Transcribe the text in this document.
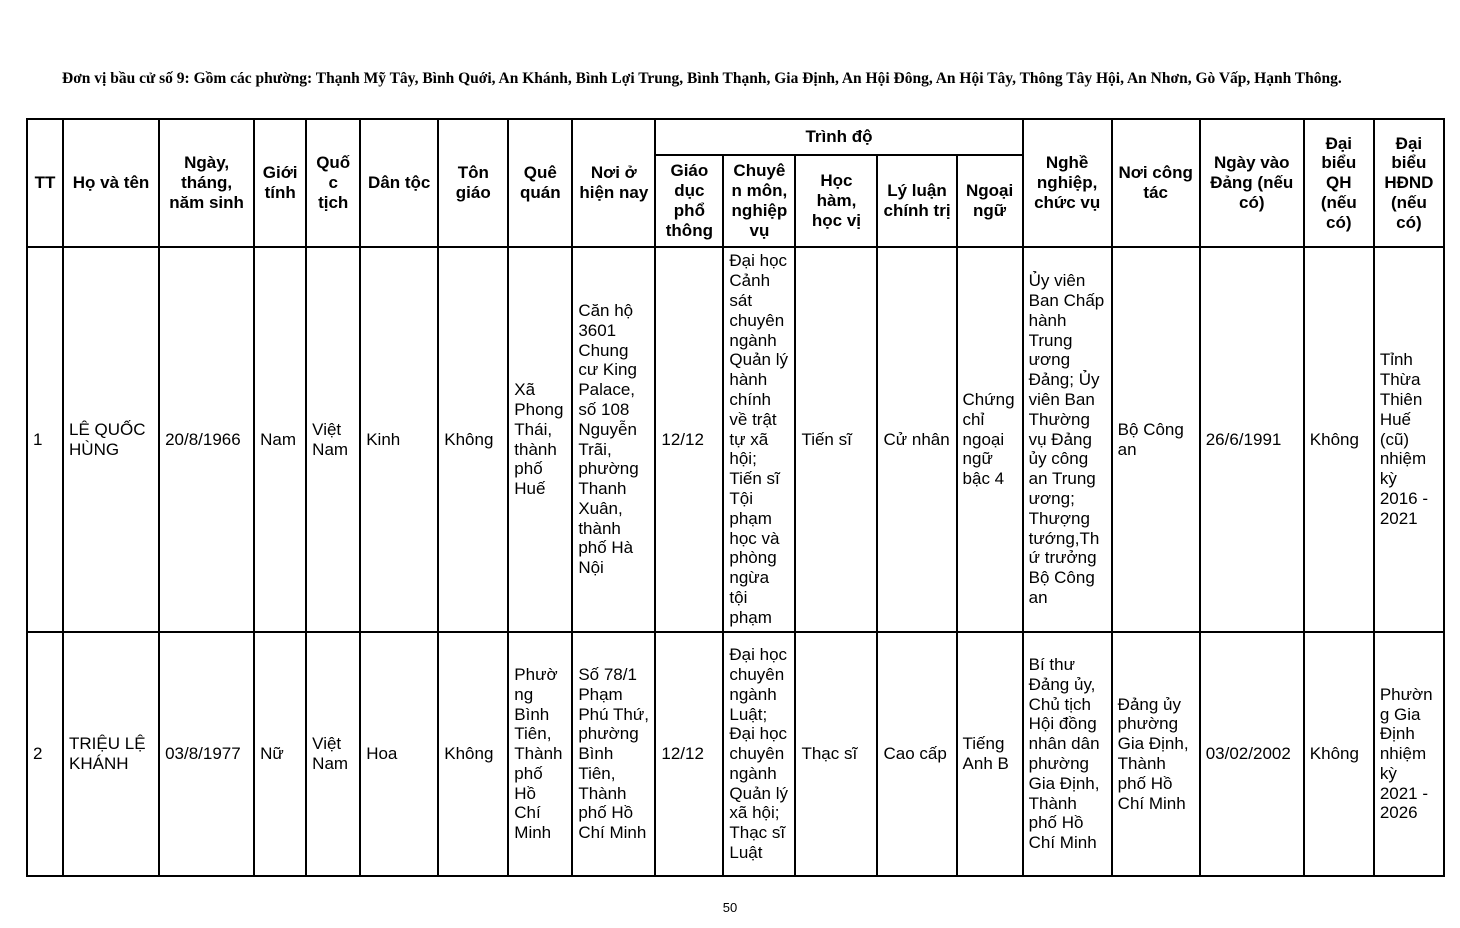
Đơn vị bầu cử số 9: Gồm các phường: Thạnh Mỹ Tây, Bình Quới, An Khánh, Bình Lợi Trung, Bình Thạnh, Gia Định, An Hội Đông, An Hội Tây, Thông Tây Hội, An Nhơn, Gò Vấp, Hạnh Thông.
TT	Họ và tên	Ngày, tháng, năm sinh	Giới tính	Quốc tịch	Dân tộc	Tôn giáo	Quê quán	Nơi ở hiện nay	Trình độ					Nghề nghiệp, chức vụ	Nơi công tác	Ngày vào Đảng (nếu có)	Đại biểu QH (nếu có)	Đại biểu HĐND (nếu có)
									Giáo dục phổ thông	Chuyên môn, nghiệp vụ	Học hàm, học vị	Lý luận chính trị	Ngoại ngữ					
1	LÊ QUỐC HÙNG	20/8/1966	Nam	Việt Nam	Kinh	Không	Xã Phong Thái, thành phố Huế	Căn hộ 3601 Chung cư King Palace, số 108 Nguyễn Trãi, phường Thanh Xuân, thành phố Hà Nội	12/12	Đại học Cảnh sát chuyên ngành Quản lý hành chính về trật tự xã hội; Tiến sĩ Tội phạm học và phòng ngừa tội phạm	Tiến sĩ	Cử nhân	Chứng chỉ ngoại ngữ bậc 4	Ủy viên Ban Chấp hành Trung ương Đảng; Ủy viên Ban Thường vụ Đảng ủy công an Trung ương; Thượng tướng,Thứ trưởng Bộ Công an	Bộ Công an	26/6/1991	Không	Tỉnh Thừa Thiên Huế (cũ) nhiệm kỳ 2016 - 2021
2	TRIỆU LỆ KHÁNH	03/8/1977	Nữ	Việt Nam	Hoa	Không	Phường Bình Tiên, Thành phố Hồ Chí Minh	Số 78/1 Phạm Phú Thứ, phường Bình Tiên, Thành phố Hồ Chí Minh	12/12	Đại học chuyên ngành Luật; Đại học chuyên ngành Quản lý xã hội; Thạc sĩ Luật	Thạc sĩ	Cao cấp	Tiếng Anh B	Bí thư Đảng ủy, Chủ tịch Hội đồng nhân dân phường Gia Định, Thành phố Hồ Chí Minh	Đảng ủy phường Gia Định, Thành phố Hồ Chí Minh	03/02/2002	Không	Phường Gia Định nhiệm kỳ 2021 - 2026
50
